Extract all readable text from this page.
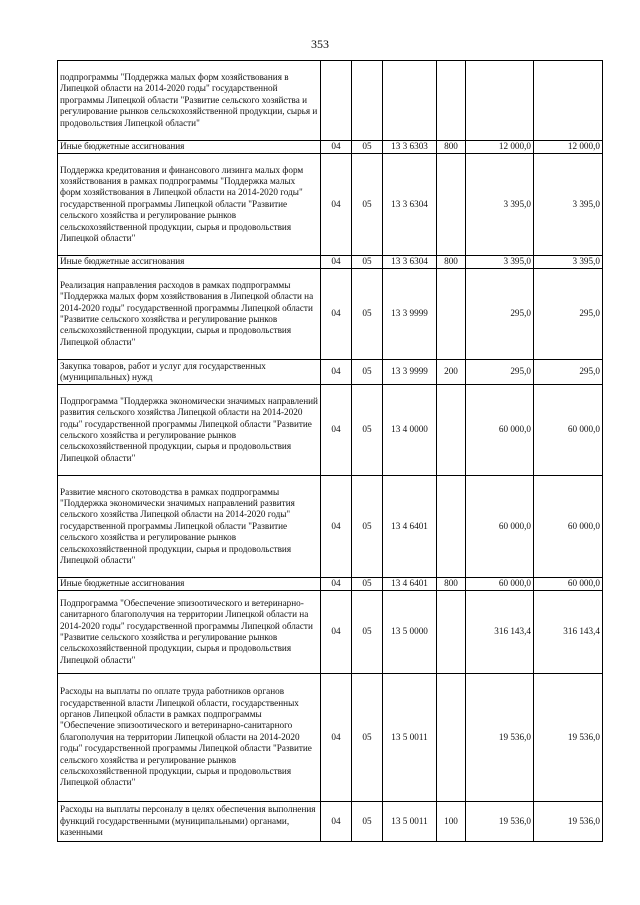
353
подпрограммы "Поддержка малых форм хозяйствования в Липецкой области на 2014-2020 годы" государственной программы Липецкой области "Развитие сельского хозяйства и регулирование рынков сельскохозяйственной продукции, сырья и продовольствия Липецкой области"						
Иные бюджетные ассигнования	04	05	13 3 6303	800	12 000,0	12 000,0
Поддержка кредитования и финансового лизинга малых форм хозяйствования в рамках подпрограммы "Поддержка малых форм хозяйствования в Липецкой области на 2014-2020 годы" государственной программы Липецкой области "Развитие сельского хозяйства и регулирование рынков сельскохозяйственной продукции, сырья и продовольствия Липецкой области"	04	05	13 3 6304		3 395,0	3 395,0
Иные бюджетные ассигнования	04	05	13 3 6304	800	3 395,0	3 395,0
Реализация направления расходов в рамках подпрограммы "Поддержка малых форм хозяйствования в Липецкой области на 2014-2020 годы" государственной программы Липецкой области "Развитие сельского хозяйства и регулирование рынков сельскохозяйственной продукции, сырья и продовольствия Липецкой области"	04	05	13 3 9999		295,0	295,0
Закупка товаров, работ и услуг для государственных (муниципальных) нужд	04	05	13 3 9999	200	295,0	295,0
Подпрограмма "Поддержка экономически значимых направлений развития сельского хозяйства Липецкой области на 2014-2020 годы" государственной программы Липецкой области "Развитие сельского хозяйства и регулирование рынков сельскохозяйственной продукции, сырья и продовольствия Липецкой области"	04	05	13 4 0000		60 000,0	60 000,0
Развитие мясного скотоводства в рамках подпрограммы "Поддержка экономически значимых направлений развития сельского хозяйства Липецкой области на 2014-2020 годы" государственной программы Липецкой области "Развитие сельского хозяйства и регулирование рынков сельскохозяйственной продукции, сырья и продовольствия Липецкой области"	04	05	13 4 6401		60 000,0	60 000,0
Иные бюджетные ассигнования	04	05	13 4 6401	800	60 000,0	60 000,0
Подпрограмма "Обеспечение эпизоотического и ветеринарно-санитарного благополучия на территории Липецкой области на 2014-2020 годы" государственной программы Липецкой области "Развитие сельского хозяйства и регулирование рынков сельскохозяйственной продукции, сырья и продовольствия Липецкой области"	04	05	13 5 0000		316 143,4	316 143,4
Расходы на выплаты по оплате труда работников органов государственной власти Липецкой области, государственных органов Липецкой области в рамках подпрограммы "Обеспечение эпизоотического и ветеринарно-санитарного благополучия на территории Липецкой области на 2014-2020 годы" государственной программы Липецкой области "Развитие сельского хозяйства и регулирование рынков сельскохозяйственной продукции, сырья и продовольствия Липецкой области"	04	05	13 5 0011		19 536,0	19 536,0
Расходы на выплаты персоналу в целях обеспечения выполнения функций государственными (муниципальными) органами, казенными	04	05	13 5 0011	100	19 536,0	19 536,0
